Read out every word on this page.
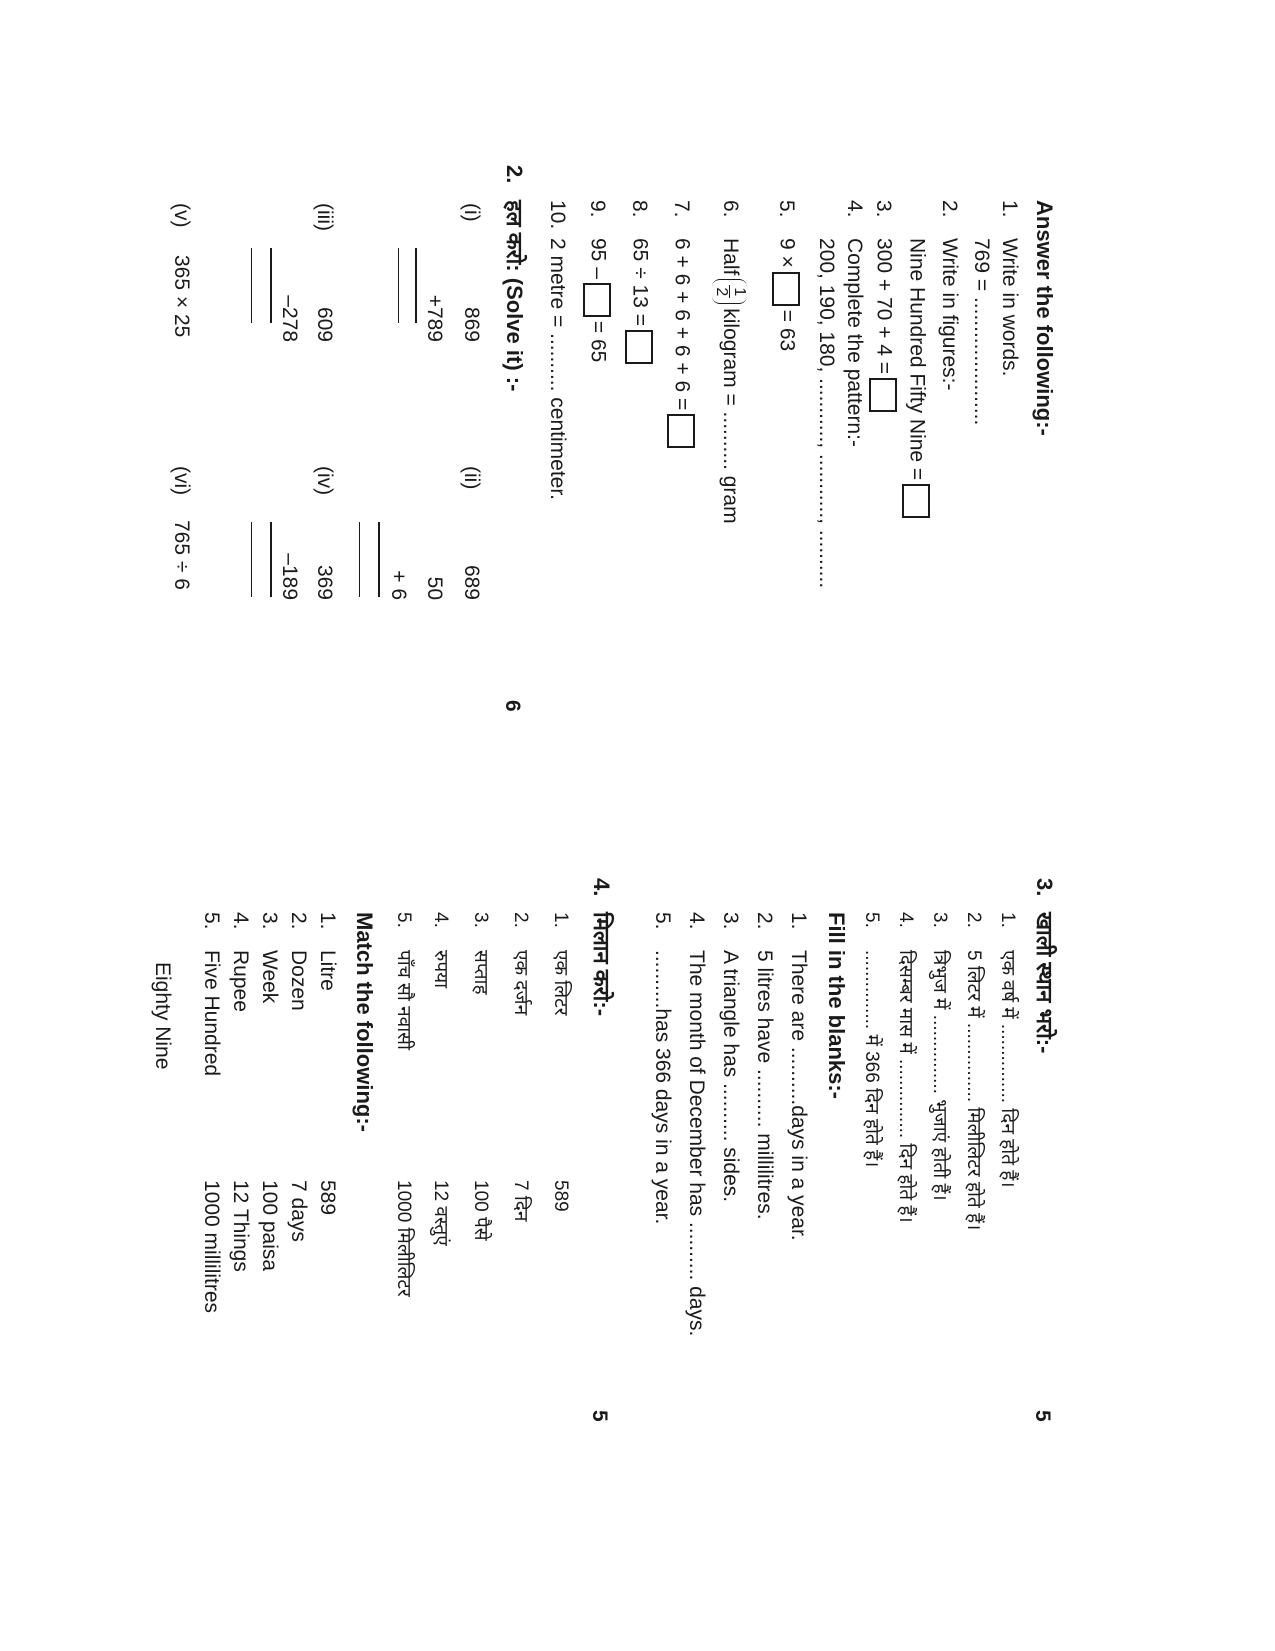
Answer the following:-
1.Write in words.
769 = ......................
2.Write in figures:-
Nine Hundred Fifty Nine =
3.300 + 70 + 4 =
4.Complete the pattern:-
200, 190, 180, ..........., ..........., ..........
5.9 ×= 63
6.Half
1
2
kilogram = .......... gram
7.6 + 6 + 6 + 6 + 6 =
8.65 ÷ 13 =
9.95 –= 65
10.2 metre = .......... centimeter.
2.
हल करो: (Solve it) :-
6
(i)
869
+789
(ii)
689
50
+ 6
(iii)
609
–278
(iv)
369
–189
(v)
365 × 25
(vi)
765 ÷ 6
3.
खाली स्थान भरो:-
5
1.एक वर्ष में ............... दिन होते हैं।
2.5 लिटर में ............... मिलीलिटर होते हैं।
3.त्रिभुज में ............... भुजाएं होती हैं।
4.दिसम्बर मास में ............... दिन होते हैं।
5................ में 366 दिन होते हैं।
Fill in the blanks:-
1.There are ..........days in a year.
2.5 litres have .......... millilitres.
3.A triangle has .......... sides.
4.The month of December has .......... days.
5...........has 366 days in a year.
4.
मिलान करो:-
5
1.एक लिटर
589
2.एक दर्जन
7 दिन
3.सप्ताह
100 पैसे
4.रुपया
12 वस्तुएं
5.पाँच सौ नवासी
1000 मिलीलिटर
Match the following:-
1.Litre
589
2.Dozen
7 days
3.Week
100 paisa
4.Rupee
12 Things
5.Five Hundred
1000 millilitres
Eighty Nine
